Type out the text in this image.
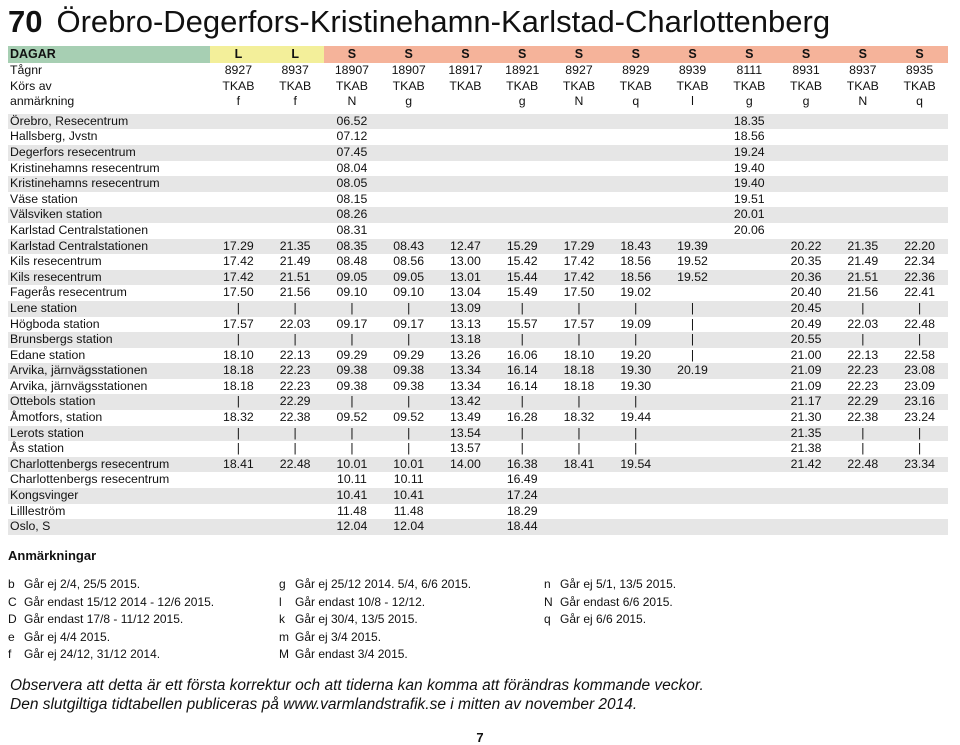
70 Örebro-Degerfors-Kristinehamn-Karlstad-Charlottenberg
DAGAR	L	L	S	S	S	S	S	S	S	S	S	S	S
Tågnr	8927	8937	18907	18907	18917	18921	8927	8929	8939	8111	8931	8937	8935
Körs av	TKAB	TKAB	TKAB	TKAB	TKAB	TKAB	TKAB	TKAB	TKAB	TKAB	TKAB	TKAB	TKAB
anmärkning	f	f	N	g		g	N	q	l	g	g	N	q

Örebro, Resecentrum			06.52							18.35			
Hallsberg, Jvstn			07.12							18.56			
Degerfors resecentrum			07.45							19.24			
Kristinehamns resecentrum			08.04							19.40			
Kristinehamns resecentrum			08.05							19.40			
Väse station			08.15							19.51			
Välsviken station			08.26							20.01			
Karlstad Centralstationen			08.31							20.06			
Karlstad Centralstationen	17.29	21.35	08.35	08.43	12.47	15.29	17.29	18.43	19.39		20.22	21.35	22.20
Kils resecentrum	17.42	21.49	08.48	08.56	13.00	15.42	17.42	18.56	19.52		20.35	21.49	22.34
Kils resecentrum	17.42	21.51	09.05	09.05	13.01	15.44	17.42	18.56	19.52		20.36	21.51	22.36
Fagerås resecentrum	17.50	21.56	09.10	09.10	13.04	15.49	17.50	19.02			20.40	21.56	22.41
Lene station	|	|	|	|	13.09	|	|	|	|		20.45	|	|
Högboda station	17.57	22.03	09.17	09.17	13.13	15.57	17.57	19.09	|		20.49	22.03	22.48
Brunsbergs station	|	|	|	|	13.18	|	|	|	|		20.55	|	|
Edane station	18.10	22.13	09.29	09.29	13.26	16.06	18.10	19.20	|		21.00	22.13	22.58
Arvika, järnvägsstationen	18.18	22.23	09.38	09.38	13.34	16.14	18.18	19.30	20.19		21.09	22.23	23.08
Arvika, järnvägsstationen	18.18	22.23	09.38	09.38	13.34	16.14	18.18	19.30			21.09	22.23	23.09
Ottebols station	|	22.29	|	|	13.42	|	|	|			21.17	22.29	23.16
Åmotfors, station	18.32	22.38	09.52	09.52	13.49	16.28	18.32	19.44			21.30	22.38	23.24
Lerots station	|	|	|	|	13.54	|	|	|			21.35	|	|
Ås station	|	|	|	|	13.57	|	|	|			21.38	|	|
Charlottenbergs resecentrum	18.41	22.48	10.01	10.01	14.00	16.38	18.41	19.54			21.42	22.48	23.34
Charlottenbergs resecentrum			10.11	10.11		16.49							
Kongsvinger			10.41	10.41		17.24							
Lillleström			11.48	11.48		18.29							
Oslo, S			12.04	12.04		18.44							
Anmärkningar
b Går ej 2/4, 25/5 2015.
C Går endast 15/12 2014 - 12/6 2015.
D Går endast 17/8 - 11/12 2015.
e Går ej 4/4 2015.
f Går ej 24/12, 31/12 2014.
g Går ej 25/12 2014. 5/4, 6/6 2015.
l Går endast 10/8 - 12/12.
k Går ej 30/4, 13/5 2015.
m Går ej 3/4 2015.
M Går endast 3/4 2015.
n Går ej 5/1, 13/5 2015.
N Går endast 6/6 2015.
q Går ej 6/6 2015.
Observera att detta är ett första korrektur och att tiderna kan komma att förändras kommande veckor.
Den slutgiltiga tidtabellen publiceras på www.varmlandstrafik.se i mitten av november 2014.
7
